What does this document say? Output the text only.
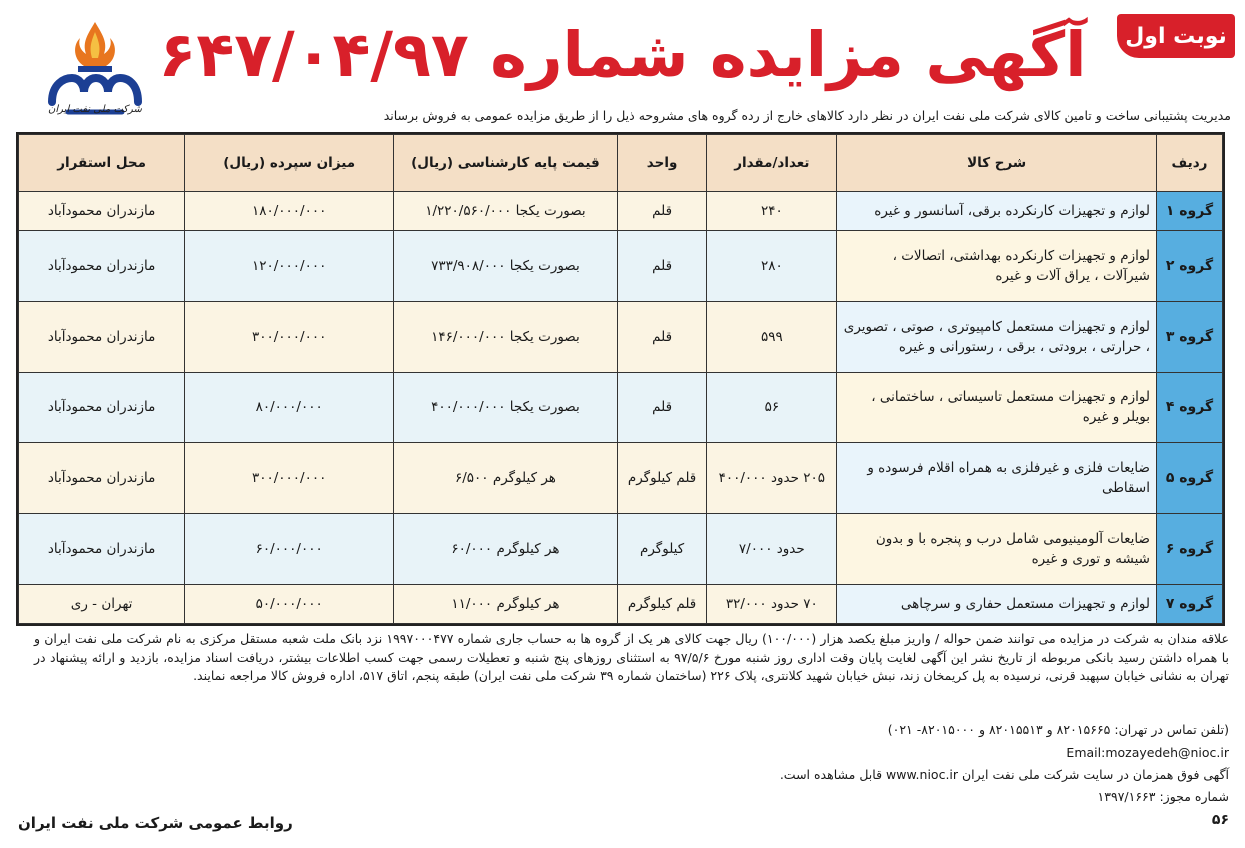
نوبت اول
آگهی مزایده شماره ۶۴۷/۰۴/۹۷
شرکت ملی نفت ایران	مدیریت پشتیبانی ساخت و تامین کالای شرکت ملی نفت ایران در نظر دارد کالاهای خارج از رده گروه های مشروحه ذیل را از طریق مزایده عمومی به فروش برساند
ردیف	شرح کالا	تعداد/مقدار	واحد	قیمت پایه کارشناسی (ریال)	میزان سپرده (ریال)	محل استقرار
گروه ۱	لوازم و تجهیزات کارنکرده برقی، آسانسور و غیره	۲۴۰	قلم	بصورت یکجا ۱/۲۲۰/۵۶۰/۰۰۰	۱۸۰/۰۰۰/۰۰۰	مازندران محمودآباد
گروه ۲	لوازم و تجهیزات کارنکرده بهداشتی، اتصالات ، شیرآلات ، یراق آلات و غیره	۲۸۰	قلم	بصورت یکجا ۷۳۳/۹۰۸/۰۰۰	۱۲۰/۰۰۰/۰۰۰	مازندران محمودآباد
گروه ۳	لوازم و تجهیزات مستعمل کامپیوتری ، صوتی ، تصویری ، حرارتی ، برودتی ، برقی ، رستورانی و غیره	۵۹۹	قلم	بصورت یکجا ۱۴۶/۰۰۰/۰۰۰	۳۰۰/۰۰۰/۰۰۰	مازندران محمودآباد
گروه ۴	لوازم و تجهیزات مستعمل تاسیساتی ، ساختمانی ، بویلر و غیره	۵۶	قلم	بصورت یکجا ۴۰۰/۰۰۰/۰۰۰	۸۰/۰۰۰/۰۰۰	مازندران محمودآباد
گروه ۵	ضایعات فلزی و غیرفلزی به همراه اقلام فرسوده و اسقاطی	۲۰۵ حدود ۴۰۰/۰۰۰	قلم کیلوگرم	هر کیلوگرم ۶/۵۰۰	۳۰۰/۰۰۰/۰۰۰	مازندران محمودآباد
گروه ۶	ضایعات آلومینیومی شامل درب و پنجره با و بدون شیشه و توری و غیره	حدود ۷/۰۰۰	کیلوگرم	هر کیلوگرم ۶۰/۰۰۰	۶۰/۰۰۰/۰۰۰	مازندران محمودآباد
گروه ۷	لوازم و تجهیزات مستعمل حفاری و سرچاهی	۷۰ حدود ۳۲/۰۰۰	قلم کیلوگرم	هر کیلوگرم ۱۱/۰۰۰	۵۰/۰۰۰/۰۰۰	تهران - ری

علاقه مندان به شرکت در مزایده می توانند ضمن حواله / واریز مبلغ یکصد هزار (۱۰۰/۰۰۰) ریال جهت کالای هر یک از گروه ها به حساب جاری شماره ۱۹۹۷۰۰۰۴۷۷ نزد بانک ملت شعبه مستقل مرکزی به نام شرکت ملی نفت ایران و با همراه داشتن رسید بانکی مربوطه از تاریخ نشر این آگهی لغایت پایان وقت اداری روز شنبه مورخ ۹۷/۵/۶ به استثنای روزهای پنج شنبه و تعطیلات رسمی جهت کسب اطلاعات بیشتر، دریافت اسناد مزایده، بازدید و ارائه پیشنهاد در تهران به نشانی خیابان سپهبد قرنی، نرسیده به پل کریمخان زند، نبش خیابان شهید کلانتری، پلاک ۲۲۶ (ساختمان شماره ۳۹ شرکت ملی نفت ایران) طبقه پنجم، اتاق ۵۱۷، اداره فروش کالا مراجعه نمایند.

(تلفن تماس در تهران: ۸۲۰۱۵۶۶۵ و ۸۲۰۱۵۵۱۳ و ۸۲۰۱۵۰۰۰- ۰۲۱)
Email:mozayedeh@nioc.ir
آگهی فوق همزمان در سایت شرکت ملی نفت ایران www.nioc.ir قابل مشاهده است.
شماره مجوز: ۱۳۹۷/۱۶۶۳
۵۶
روابط عمومی شرکت ملی نفت ایران
